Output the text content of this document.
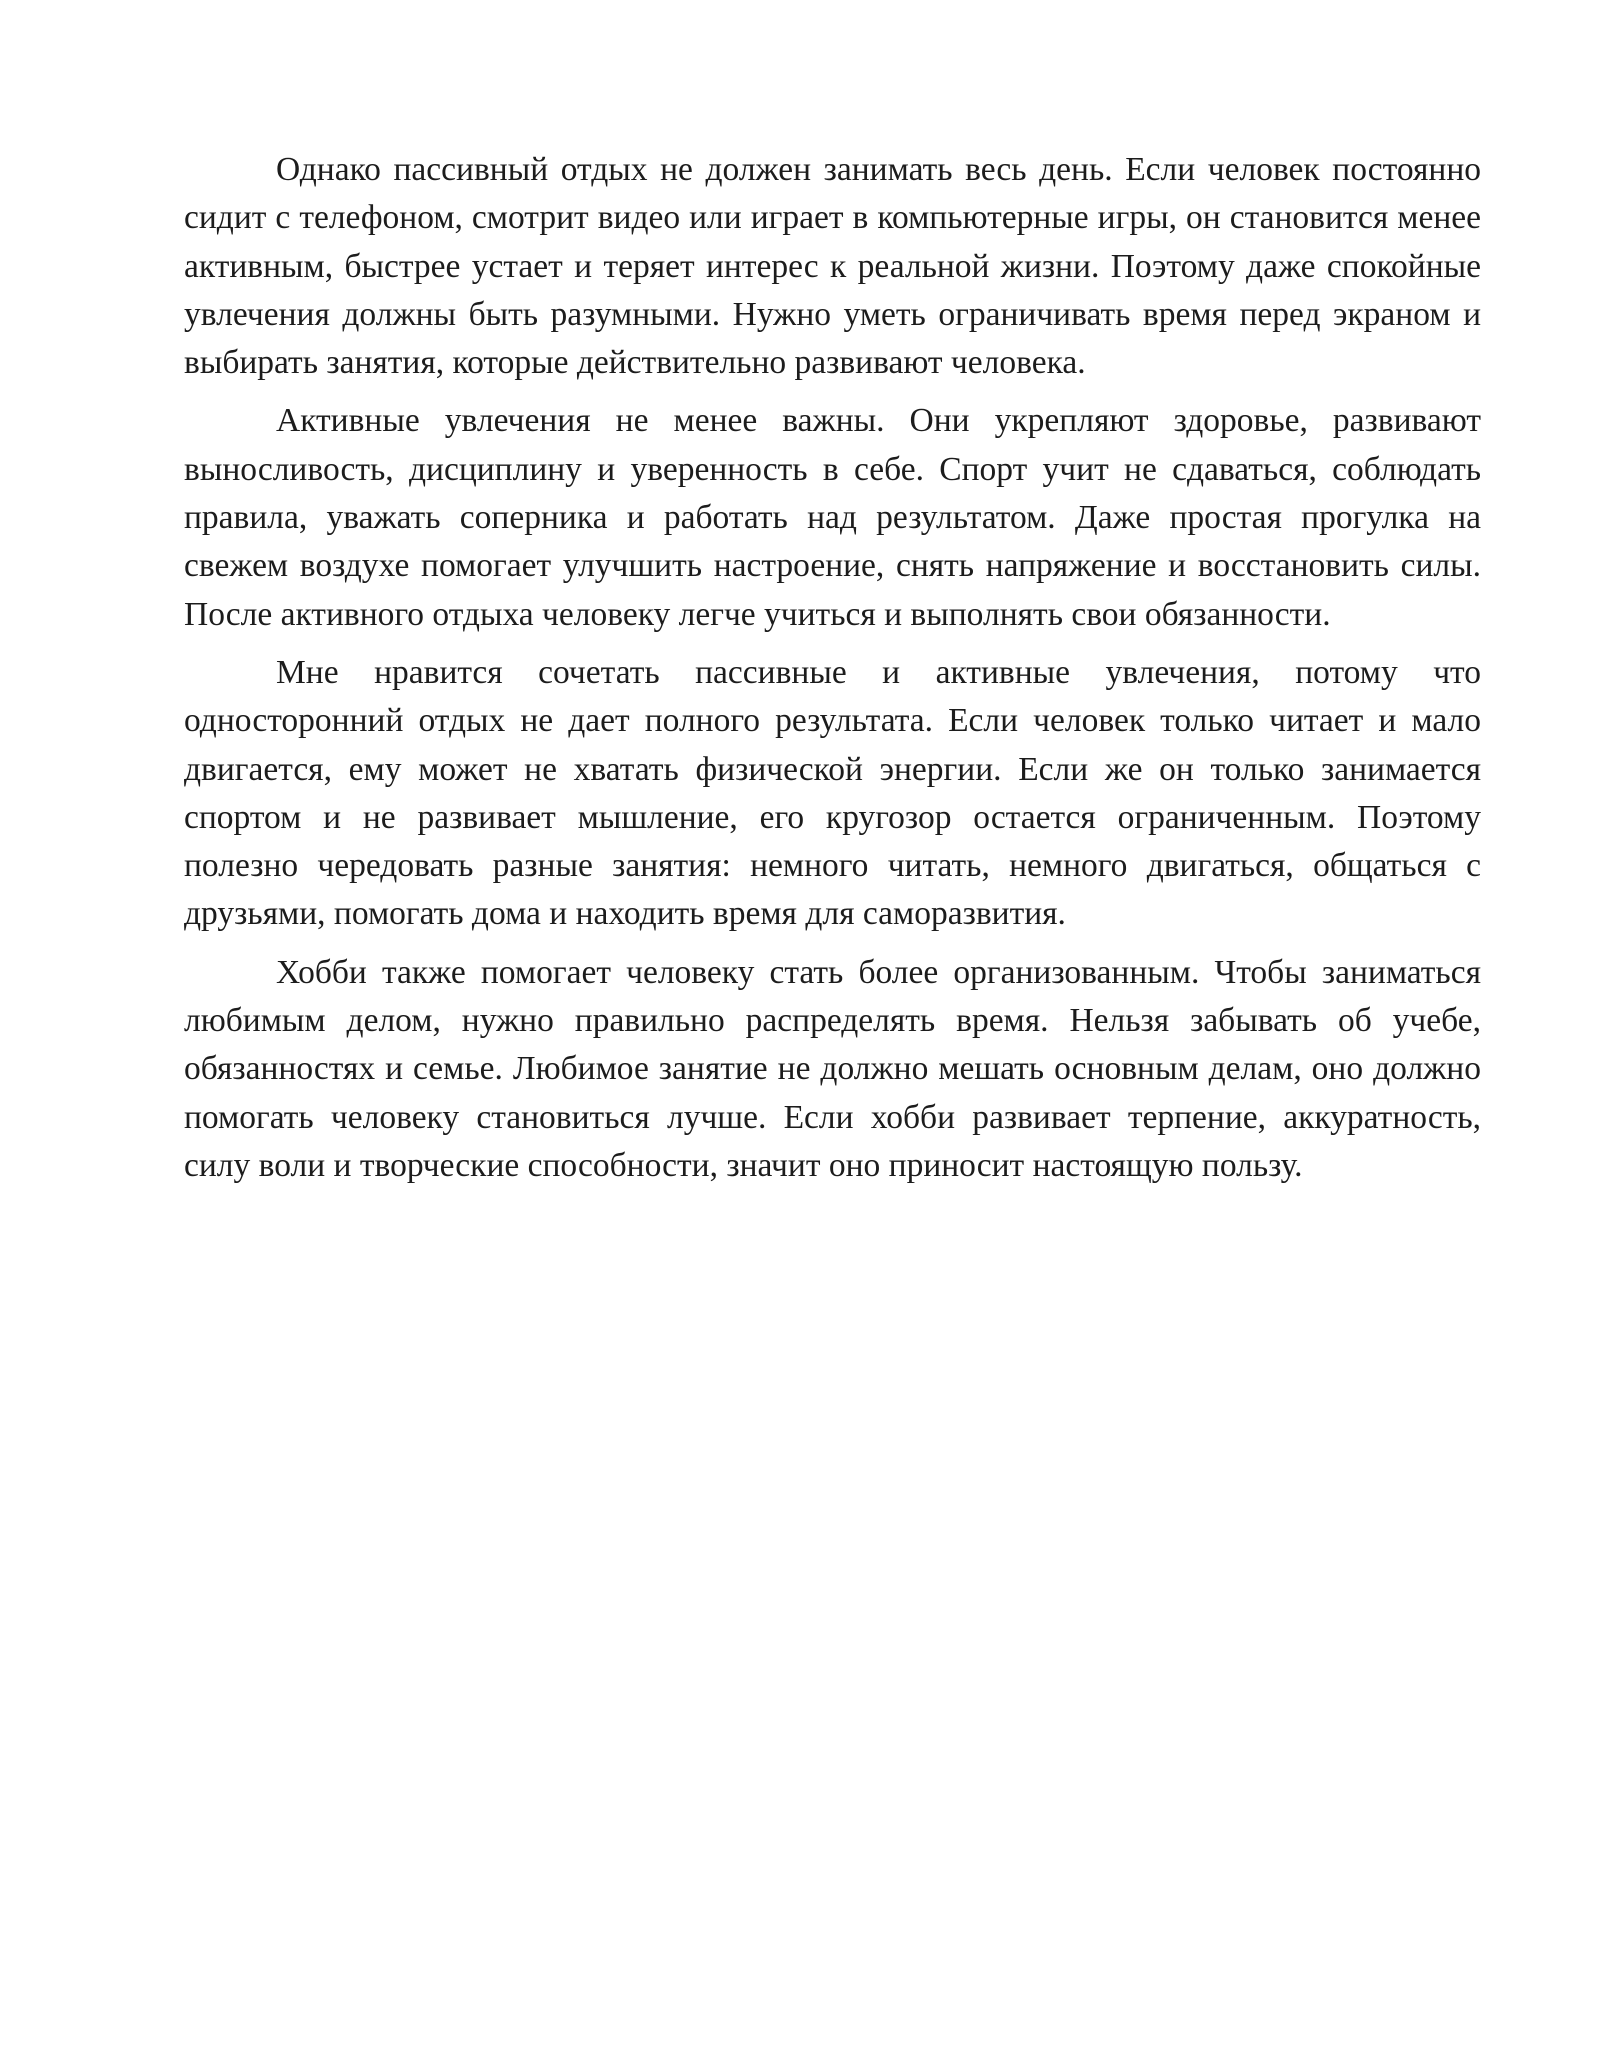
Однако пассивный отдых не должен занимать весь день. Если человек постоянно сидит с телефоном, смотрит видео или играет в компьютерные игры, он становится менее активным, быстрее устает и теряет интерес к реальной жизни. Поэтому даже спокойные увлечения должны быть разумными. Нужно уметь ограничивать время перед экраном и выбирать занятия, которые действительно развивают человека.

Активные увлечения не менее важны. Они укрепляют здоровье, развивают выносливость, дисциплину и уверенность в себе. Спорт учит не сдаваться, соблюдать правила, уважать соперника и работать над результатом. Даже простая прогулка на свежем воздухе помогает улучшить настроение, снять напряжение и восстановить силы. После активного отдыха человеку легче учиться и выполнять свои обязанности.

Мне нравится сочетать пассивные и активные увлечения, потому что односторонний отдых не дает полного результата. Если человек только читает и мало двигается, ему может не хватать физической энергии. Если же он только занимается спортом и не развивает мышление, его кругозор остается ограниченным. Поэтому полезно чередовать разные занятия: немного читать, немного двигаться, общаться с друзьями, помогать дома и находить время для саморазвития.

Хобби также помогает человеку стать более организованным. Чтобы заниматься любимым делом, нужно правильно распределять время. Нельзя забывать об учебе, обязанностях и семье. Любимое занятие не должно мешать основным делам, оно должно помогать человеку становиться лучше. Если хобби развивает терпение, аккуратность, силу воли и творческие способности, значит оно приносит настоящую пользу.
